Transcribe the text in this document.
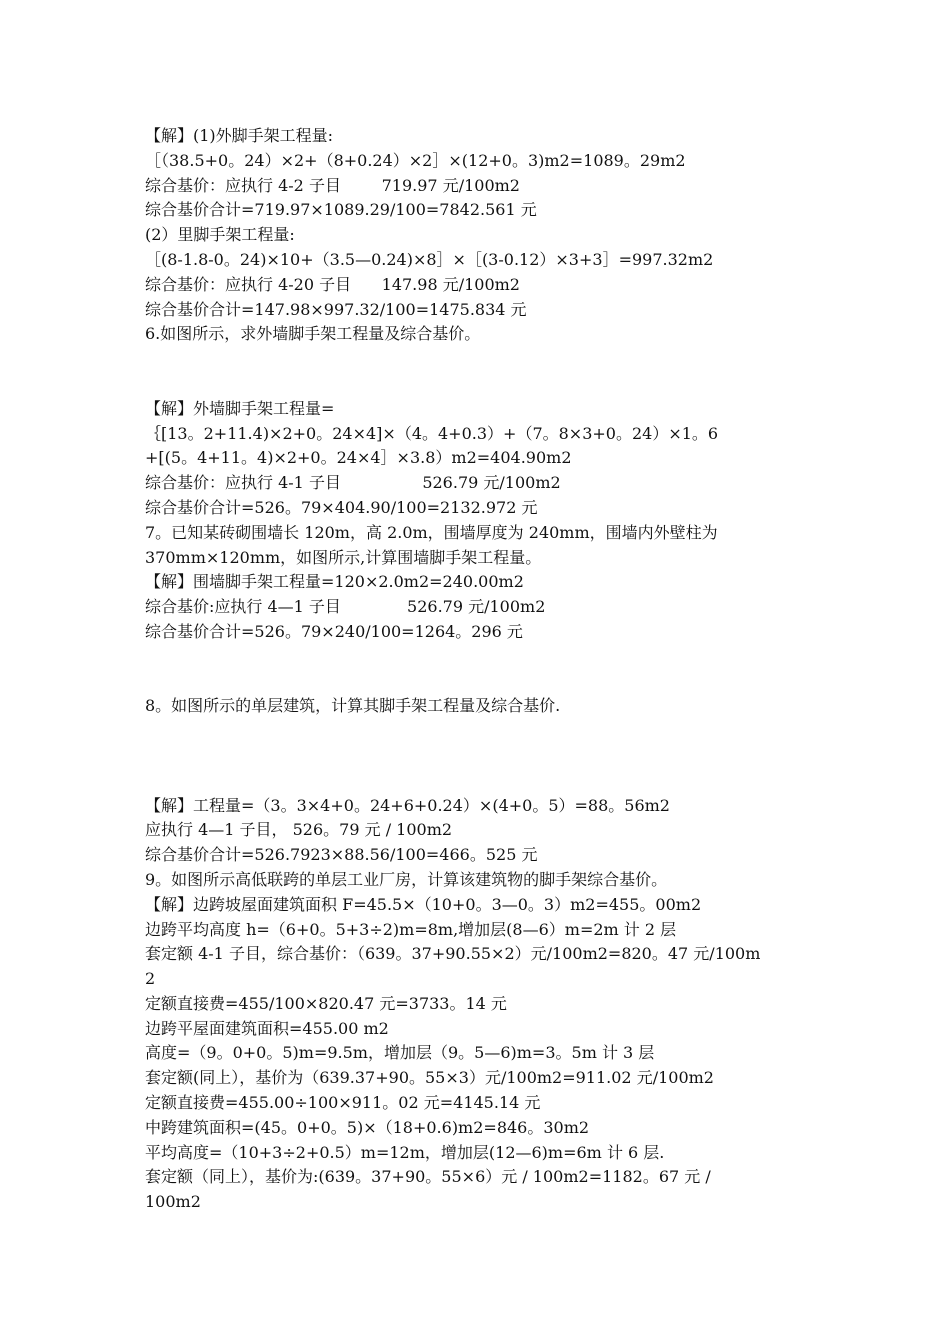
【解】(1)外脚手架工程量:
［（38.5+0。24）×2+（8+0.24）×2］×(12+0。3)m2=1089。29m2
综合基价：应执行 4-2 子目        719.97 元/100m2
综合基价合计=719.97×1089.29/100=7842.561 元
(2）里脚手架工程量:
［(8-1.8-0。24)×10+（3.5—0.24)×8］×［(3-0.12）×3+3］=997.32m2
综合基价：应执行 4-20 子目      147.98 元/100m2
综合基价合计=147.98×997.32/100=1475.834 元
6.如图所示，求外墙脚手架工程量及综合基价。
【解】外墙脚手架工程量=
｛[13。2+11.4)×2+0。24×4]×（4。4+0.3）+（7。8×3+0。24）×1。6
+[(5。4+11。4)×2+0。24×4］×3.8）m2=404.90m2
综合基价：应执行 4-1 子目                526.79 元/100m2
综合基价合计=526。79×404.90/100=2132.972 元
7。已知某砖砌围墙长 120m，高 2.0m，围墙厚度为 240mm，围墙内外壁柱为
370mm×120mm，如图所示,计算围墙脚手架工程量。
【解】围墙脚手架工程量=120×2.0m2=240.00m2
综合基价:应执行 4—1 子目             526.79 元/100m2
综合基价合计=526。79×240/100=1264。296 元
8。如图所示的单层建筑，计算其脚手架工程量及综合基价.
【解】工程量=（3。3×4+0。24+6+0.24）×(4+0。5）=88。56m2
应执行 4—1 子目， 526。79 元 / 100m2
综合基价合计=526.7923×88.56/100=466。525 元
9。如图所示高低联跨的单层工业厂房，计算该建筑物的脚手架综合基价。
【解】边跨坡屋面建筑面积 F=45.5×（10+0。3—0。3）m2=455。00m2
边跨平均高度 h=（6+0。5+3÷2)m=8m,增加层(8—6）m=2m 计 2 层
套定额 4-1 子目，综合基价：（639。37+90.55×2）元/100m2=820。47 元/100m
2
定额直接费=455/100×820.47 元=3733。14 元
边跨平屋面建筑面积=455.00 m2
高度=（9。0+0。5)m=9.5m，增加层（9。5—6)m=3。5m 计 3 层
套定额(同上），基价为（639.37+90。55×3）元/100m2=911.02 元/100m2
定额直接费=455.00÷100×911。02 元=4145.14 元
中跨建筑面积=(45。0+0。5)×（18+0.6)m2=846。30m2
平均高度=（10+3÷2+0.5）m=12m，增加层(12—6)m=6m 计 6 层.
套定额（同上），基价为:(639。37+90。55×6）元 / 100m2=1182。67 元 /
100m2
